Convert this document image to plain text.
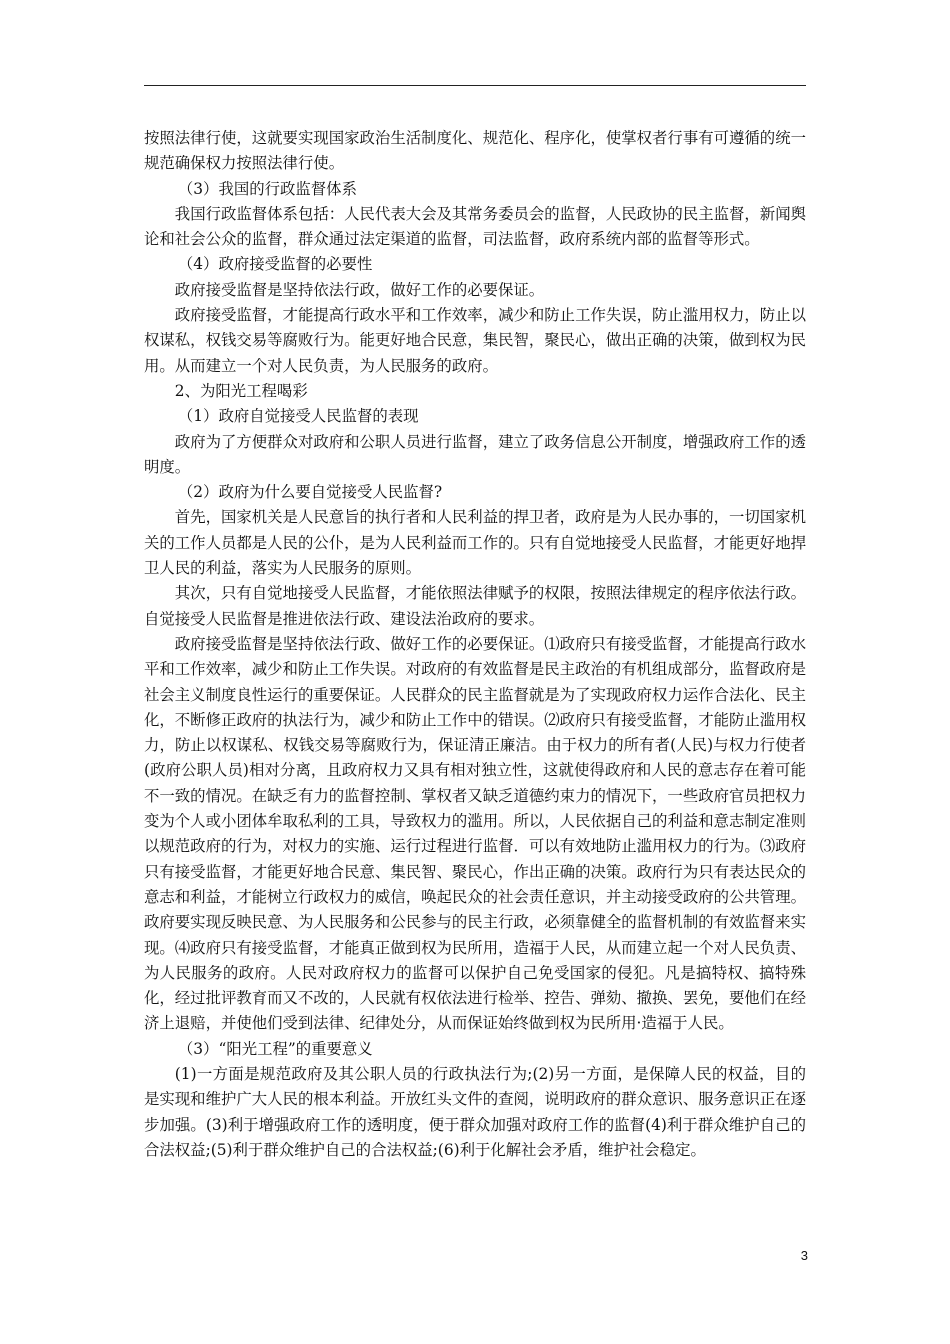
按照法律行使，这就要实现国家政治生活制度化、规范化、程序化，使掌权者行事有可遵循的统一规范确保权力按照法律行使。

（3）我国的行政监督体系

我国行政监督体系包括：人民代表大会及其常务委员会的监督，人民政协的民主监督，新闻舆论和社会公众的监督，群众通过法定渠道的监督，司法监督，政府系统内部的监督等形式。

（4）政府接受监督的必要性

政府接受监督是坚持依法行政，做好工作的必要保证。

政府接受监督，才能提高行政水平和工作效率，减少和防止工作失误，防止滥用权力，防止以权谋私，权钱交易等腐败行为。能更好地合民意，集民智，聚民心，做出正确的决策，做到权为民用。从而建立一个对人民负责，为人民服务的政府。

2、为阳光工程喝彩

（1）政府自觉接受人民监督的表现

政府为了方便群众对政府和公职人员进行监督，建立了政务信息公开制度，增强政府工作的透明度。

（2）政府为什么要自觉接受人民监督?

首先，国家机关是人民意旨的执行者和人民利益的捍卫者，政府是为人民办事的，一切国家机关的工作人员都是人民的公仆，是为人民利益而工作的。只有自觉地接受人民监督，才能更好地捍卫人民的利益，落实为人民服务的原则。

其次，只有自觉地接受人民监督，才能依照法律赋予的权限，按照法律规定的程序依法行政。自觉接受人民监督是推进依法行政、建设法治政府的要求。

政府接受监督是坚持依法行政、做好工作的必要保证。⑴政府只有接受监督，才能提高行政水平和工作效率，减少和防止工作失误。对政府的有效监督是民主政治的有机组成部分，监督政府是社会主义制度良性运行的重要保证。人民群众的民主监督就是为了实现政府权力运作合法化、民主化，不断修正政府的执法行为，减少和防止工作中的错误。⑵政府只有接受监督，才能防止滥用权力，防止以权谋私、权钱交易等腐败行为，保证清正廉洁。由于权力的所有者(人民)与权力行使者(政府公职人员)相对分离，且政府权力又具有相对独立性，这就使得政府和人民的意志存在着可能不一致的情况。在缺乏有力的监督控制、掌权者又缺乏道德约束力的情况下，一些政府官员把权力变为个人或小团体牟取私利的工具，导致权力的滥用。所以，人民依据自己的利益和意志制定准则以规范政府的行为，对权力的实施、运行过程进行监督．可以有效地防止滥用权力的行为。⑶政府只有接受监督，才能更好地合民意、集民智、聚民心，作出正确的决策。政府行为只有表达民众的意志和利益，才能树立行政权力的威信，唤起民众的社会责任意识，并主动接受政府的公共管理。政府要实现反映民意、为人民服务和公民参与的民主行政，必须靠健全的监督机制的有效监督来实现。⑷政府只有接受监督，才能真正做到权为民所用，造福于人民，从而建立起一个对人民负责、为人民服务的政府。人民对政府权力的监督可以保护自己免受国家的侵犯。凡是搞特权、搞特殊化，经过批评教育而又不改的，人民就有权依法进行检举、控告、弹劾、撤换、罢免，要他们在经济上退赔，并使他们受到法律、纪律处分，从而保证始终做到权为民所用·造福于人民。

（3）“阳光工程”的重要意义

(1)一方面是规范政府及其公职人员的行政执法行为;(2)另一方面，是保障人民的权益，目的是实现和维护广大人民的根本利益。开放红头文件的查阅，说明政府的群众意识、服务意识正在逐步加强。(3)利于增强政府工作的透明度，便于群众加强对政府工作的监督(4)利于群众维护自己的合法权益;(5)利于群众维护自己的合法权益;(6)利于化解社会矛盾，维护社会稳定。

3
